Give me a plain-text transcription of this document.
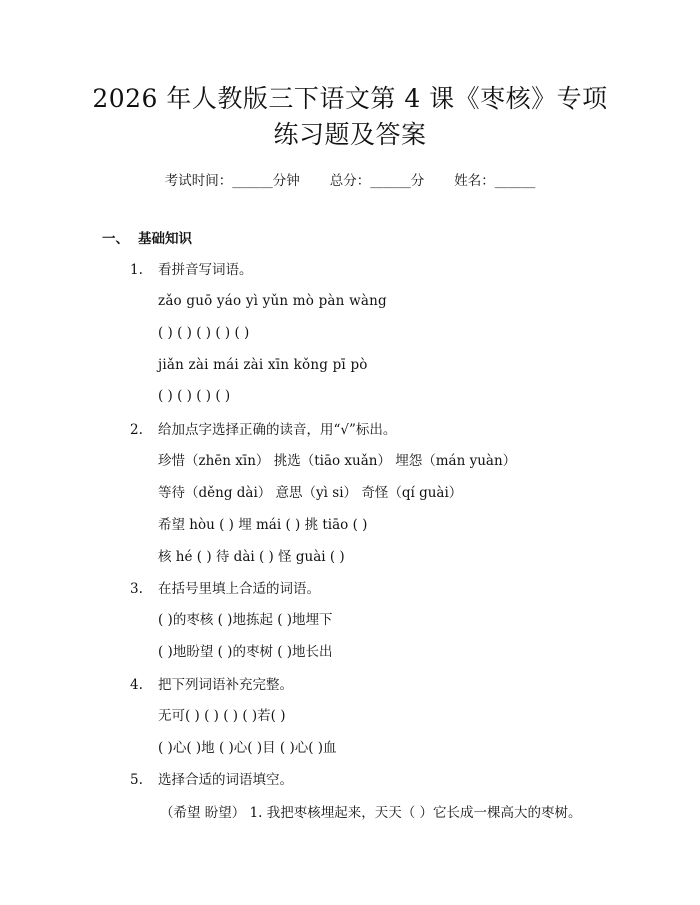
2026 年人教版三下语文第 4 课《枣核》专项
练习题及答案
考试时间：______分钟 总分：______分 姓名：______
一、 基础知识
1. 看拼音写词语。
zǎo guō yáo yì yǔn mò pàn wàng
( ) ( ) ( ) ( ) ( )
jiǎn zài mái zài xīn kǒng pī pò
( ) ( ) ( ) ( )
2. 给加点字选择正确的读音，用“√”标出。
珍惜（zhēn xīn） 挑选（tiāo xuǎn） 埋怨（mán yuàn）
等待（děng dài） 意思（yì si） 奇怪（qí guài）
希望 hòu ( ) 埋 mái ( ) 挑 tiāo ( )
核 hé ( ) 待 dài ( ) 怪 guài ( )
3. 在括号里填上合适的词语。
( )的枣核 ( )地拣起 ( )地埋下
( )地盼望 ( )的枣树 ( )地长出
4. 把下列词语补充完整。
无可( ) ( ) ( ) ( )若( )
( )心( )地 ( )心( )目 ( )心( )血
5. 选择合适的词语填空。
（希望 盼望） 1. 我把枣核埋起来，天天（ ）它长成一棵高大的枣树。
